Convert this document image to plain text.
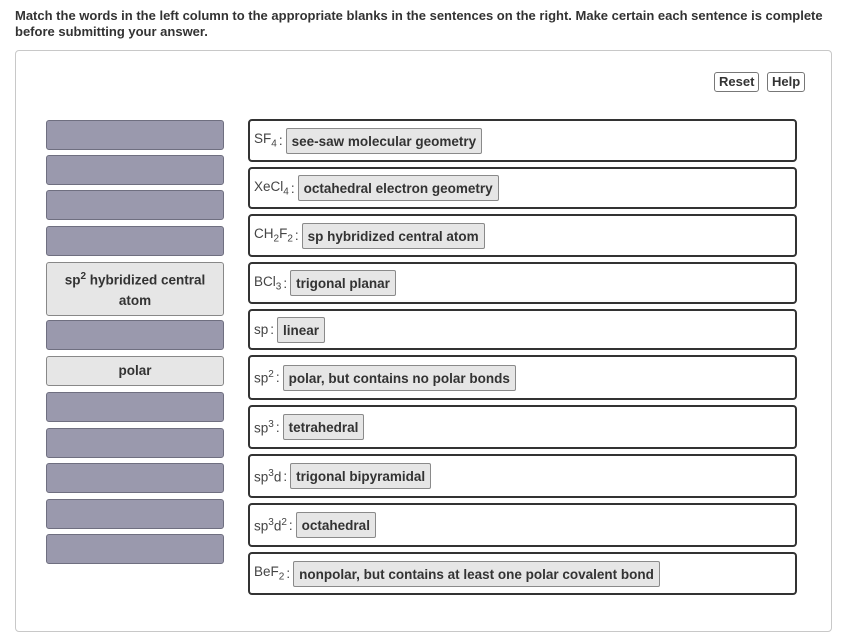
Match the words in the left column to the appropriate blanks in the sentences on the right. Make certain each sentence is complete before submitting your answer.
Reset	Help
$sp^2$ hybridized central atom
polar
$SF_4$ : see-saw molecular geometry
XeCl$_4$ : octahedral electron geometry
$CH_2F_2$ : sp hybridized central atom
BCl$_3$ : trigonal planar
sp : linear
$sp^2$ : polar, but contains no polar bonds
$sp^3$ : tetrahedral
$sp^3d$ : trigonal bipyramidal
$sp^3d^2$ : octahedral
BeF$_2$ : nonpolar, but contains at least one polar covalent bond
